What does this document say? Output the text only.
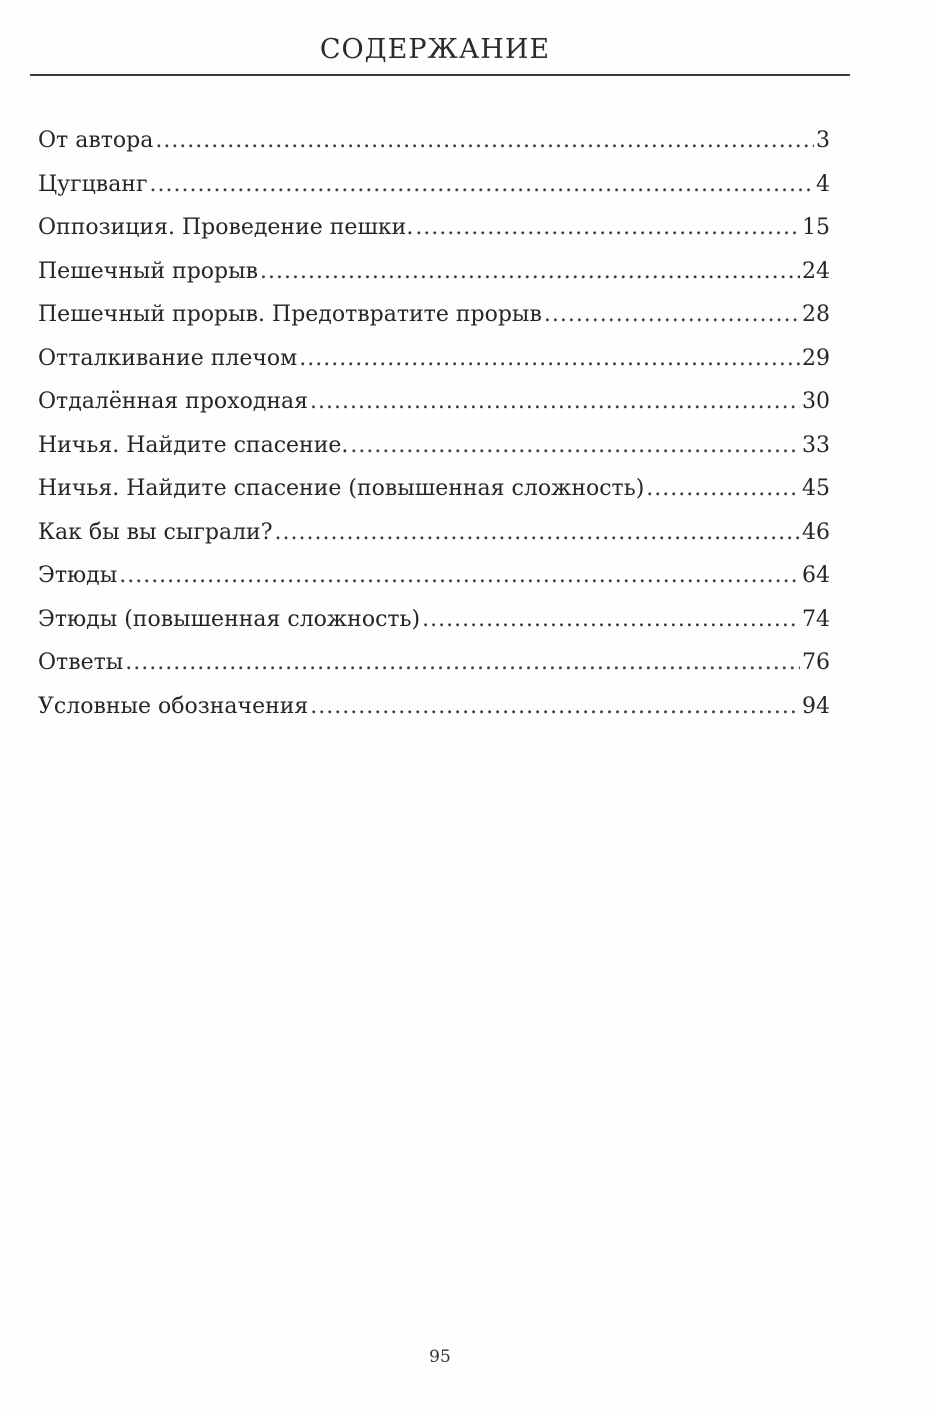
СОДЕРЖАНИЕ
От автора .....	3
Цугцванг .....	4
Оппозиция. Проведение пешки. .....	15
Пешечный прорыв .....	24
Пешечный прорыв. Предотвратите прорыв .....	28
Отталкивание плечом .....	29
Отдалённая проходная .....	30
Ничья. Найдите спасение. .....	33
Ничья. Найдите спасение (повышенная сложность) .....	45
Как бы вы сыграли? .....	46
Этюды .....	64
Этюды (повышенная сложность) .....	74
Ответы .....	76
Условные обозначения .....	94
95
